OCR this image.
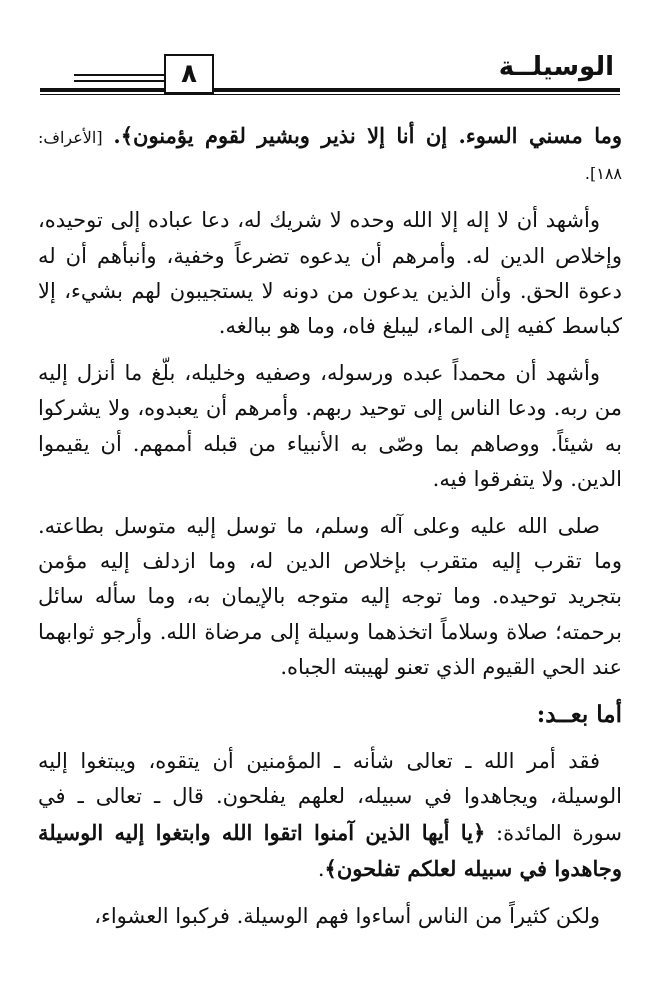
٨	الوسيلــة

وما مسني السوء. إن أنا إلا نذير وبشير لقوم يؤمنون﴾. [الأعراف: ١٨٨].

وأشهد أن لا إله إلا الله وحده لا شريك له، دعا عباده إلى توحيده، وإخلاص الدين له. وأمرهم أن يدعوه تضرعاً وخفية، وأنبأهم أن له دعوة الحق. وأن الذين يدعون من دونه لا يستجيبون لهم بشيء، إلا كباسط كفيه إلى الماء، ليبلغ فاه، وما هو ببالغه.

وأشهد أن محمداً عبده ورسوله، وصفيه وخليله، بلّغ ما أنزل إليه من ربه. ودعا الناس إلى توحيد ربهم. وأمرهم أن يعبدوه، ولا يشركوا به شيئاً. ووصاهم بما وصّى به الأنبياء من قبله أممهم. أن يقيموا الدين. ولا يتفرقوا فيه.

صلى الله عليه وعلى آله وسلم، ما توسل إليه متوسل بطاعته. وما تقرب إليه متقرب بإخلاص الدين له، وما ازدلف إليه مؤمن بتجريد توحيده. وما توجه إليه متوجه بالإيمان به، وما سأله سائل برحمته؛ صلاة وسلاماً اتخذهما وسيلة إلى مرضاة الله. وأرجو ثوابهما عند الحي القيوم الذي تعنو لهيبته الجباه.

أما بعــد:

فقد أمر الله ـ تعالى شأنه ـ المؤمنين أن يتقوه، ويبتغوا إليه الوسيلة، ويجاهدوا في سبيله، لعلهم يفلحون. قال ـ تعالى ـ في سورة المائدة: ﴿يا أيها الذين آمنوا اتقوا الله وابتغوا إليه الوسيلة وجاهدوا في سبيله لعلكم تفلحون﴾.

ولكن كثيراً من الناس أساءوا فهم الوسيلة. فركبوا العشواء،
